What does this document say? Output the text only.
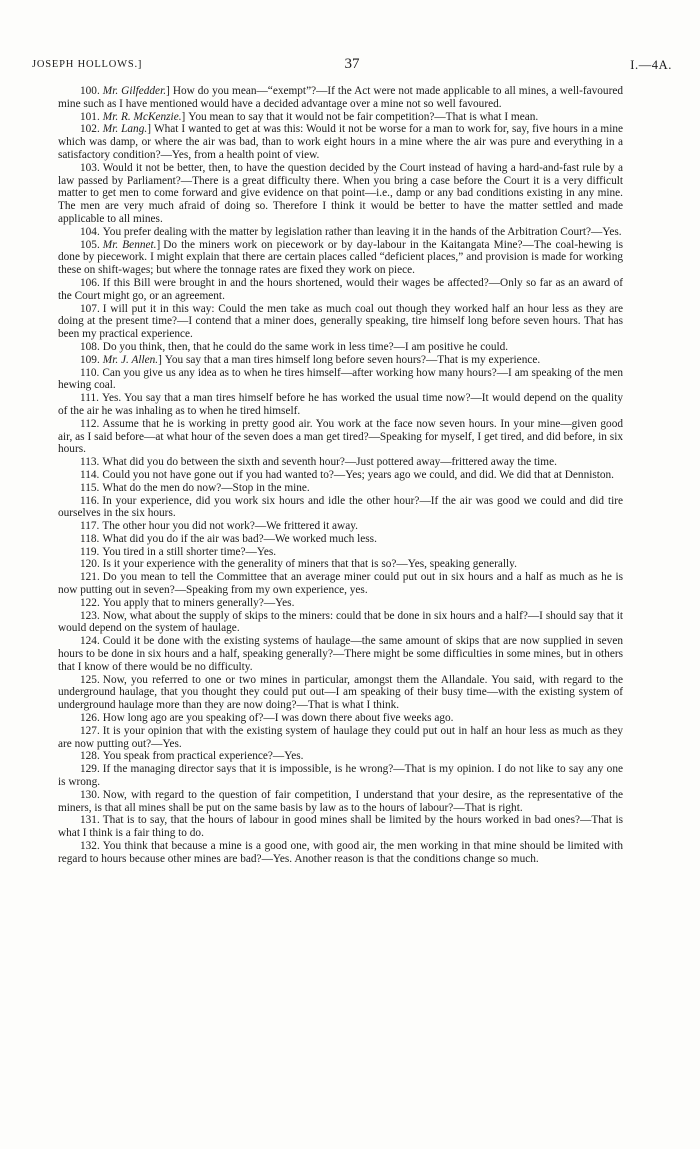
JOSEPH HOLLOWS.]	37	I.—4A.

100. Mr. Gilfedder.] How do you mean—“exempt”?—If the Act were not made applicable to all mines, a well-favoured mine such as I have mentioned would have a decided advantage over a mine not so well favoured.

101. Mr. R. McKenzie.] You mean to say that it would not be fair competition?—That is what I mean.

102. Mr. Lang.] What I wanted to get at was this: Would it not be worse for a man to work for, say, five hours in a mine which was damp, or where the air was bad, than to work eight hours in a mine where the air was pure and everything in a satisfactory condition?—Yes, from a health point of view.

103. Would it not be better, then, to have the question decided by the Court instead of having a hard-and-fast rule by a law passed by Parliament?—There is a great difficulty there. When you bring a case before the Court it is a very difficult matter to get men to come forward and give evidence on that point—i.e., damp or any bad conditions existing in any mine. The men are very much afraid of doing so. Therefore I think it would be better to have the matter settled and made applicable to all mines.

104. You prefer dealing with the matter by legislation rather than leaving it in the hands of the Arbitration Court?—Yes.

105. Mr. Bennet.] Do the miners work on piecework or by day-labour in the Kaitangata Mine?—The coal-hewing is done by piecework. I might explain that there are certain places called “deficient places,” and provision is made for working these on shift-wages; but where the tonnage rates are fixed they work on piece.

106. If this Bill were brought in and the hours shortened, would their wages be affected?—Only so far as an award of the Court might go, or an agreement.

107. I will put it in this way: Could the men take as much coal out though they worked half an hour less as they are doing at the present time?—I contend that a miner does, generally speaking, tire himself long before seven hours. That has been my practical experience.

108. Do you think, then, that he could do the same work in less time?—I am positive he could.

109. Mr. J. Allen.] You say that a man tires himself long before seven hours?—That is my experience.

110. Can you give us any idea as to when he tires himself—after working how many hours?—I am speaking of the men hewing coal.

111. Yes. You say that a man tires himself before he has worked the usual time now?—It would depend on the quality of the air he was inhaling as to when he tired himself.

112. Assume that he is working in pretty good air. You work at the face now seven hours. In your mine—given good air, as I said before—at what hour of the seven does a man get tired?—Speaking for myself, I get tired, and did before, in six hours.

113. What did you do between the sixth and seventh hour?—Just pottered away—frittered away the time.

114. Could you not have gone out if you had wanted to?—Yes; years ago we could, and did. We did that at Denniston.

115. What do the men do now?—Stop in the mine.

116. In your experience, did you work six hours and idle the other hour?—If the air was good we could and did tire ourselves in the six hours.

117. The other hour you did not work?—We frittered it away.

118. What did you do if the air was bad?—We worked much less.

119. You tired in a still shorter time?—Yes.

120. Is it your experience with the generality of miners that that is so?—Yes, speaking generally.

121. Do you mean to tell the Committee that an average miner could put out in six hours and a half as much as he is now putting out in seven?—Speaking from my own experience, yes.

122. You apply that to miners generally?—Yes.

123. Now, what about the supply of skips to the miners: could that be done in six hours and a half?—I should say that it would depend on the system of haulage.

124. Could it be done with the existing systems of haulage—the same amount of skips that are now supplied in seven hours to be done in six hours and a half, speaking generally?—There might be some difficulties in some mines, but in others that I know of there would be no difficulty.

125. Now, you referred to one or two mines in particular, amongst them the Allandale. You said, with regard to the underground haulage, that you thought they could put out—I am speaking of their busy time—with the existing system of underground haulage more than they are now doing?—That is what I think.

126. How long ago are you speaking of?—I was down there about five weeks ago.

127. It is your opinion that with the existing system of haulage they could put out in half an hour less as much as they are now putting out?—Yes.

128. You speak from practical experience?—Yes.

129. If the managing director says that it is impossible, is he wrong?—That is my opinion. I do not like to say any one is wrong.

130. Now, with regard to the question of fair competition, I understand that your desire, as the representative of the miners, is that all mines shall be put on the same basis by law as to the hours of labour?—That is right.

131. That is to say, that the hours of labour in good mines shall be limited by the hours worked in bad ones?—That is what I think is a fair thing to do.

132. You think that because a mine is a good one, with good air, the men working in that mine should be limited with regard to hours because other mines are bad?—Yes. Another reason is that the conditions change so much.
